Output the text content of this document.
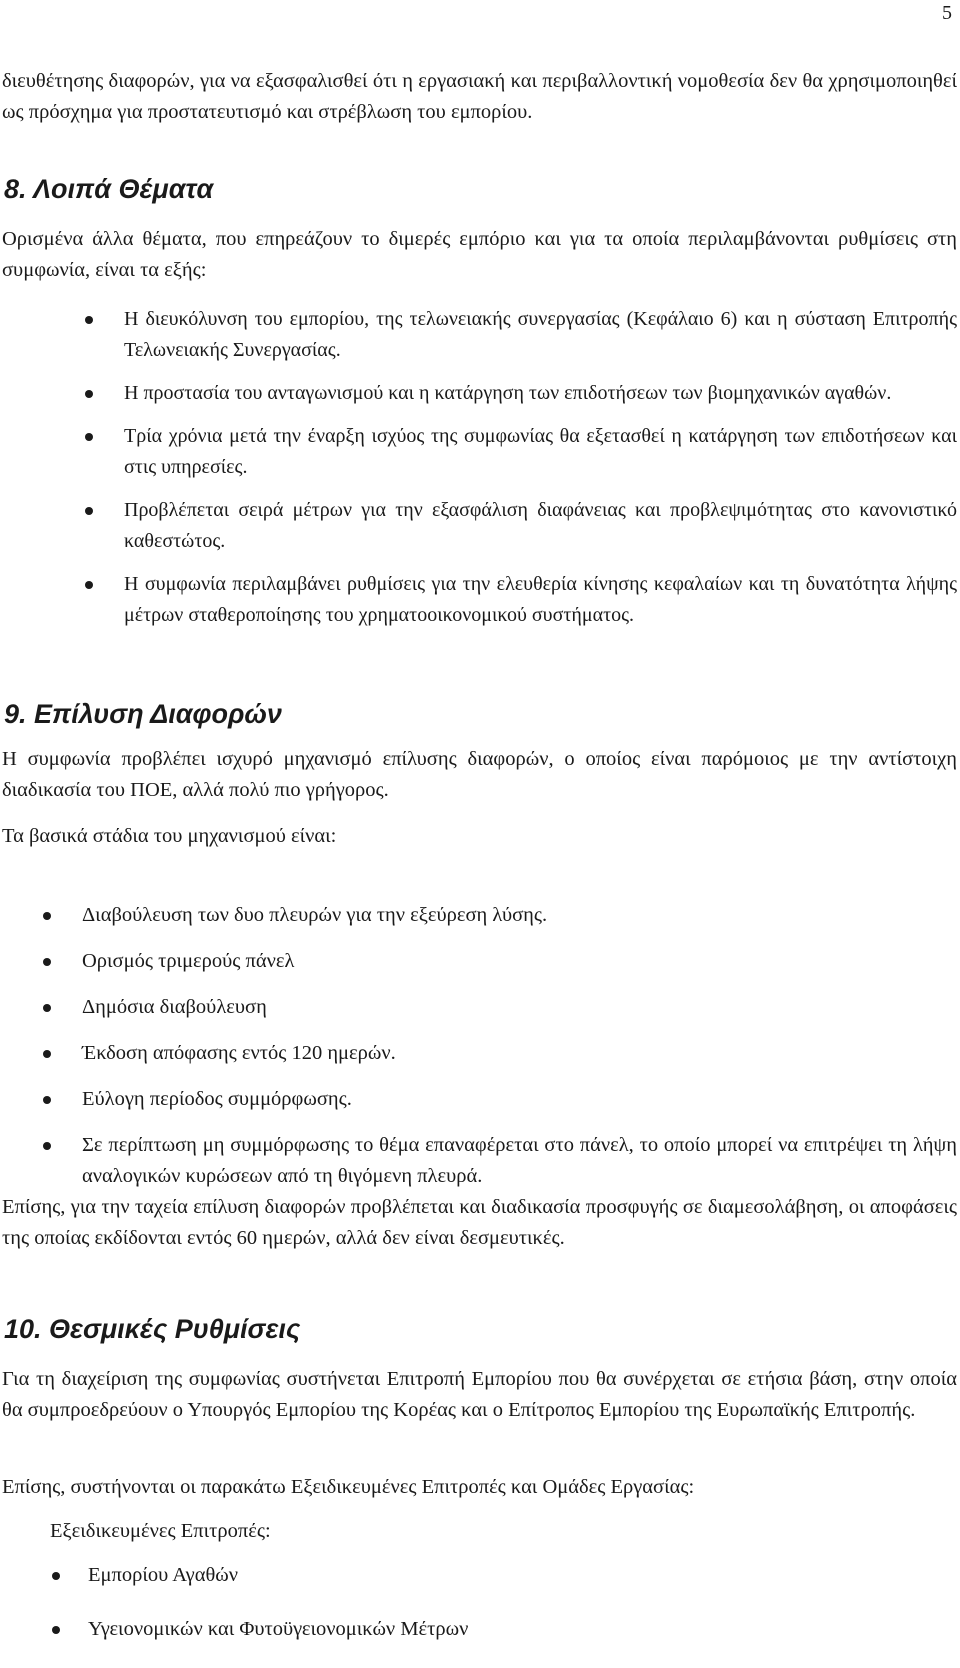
5
διευθέτησης διαφορών, για να εξασφαλισθεί ότι η εργασιακή και περιβαλλοντική νομοθεσία δεν θα χρησιμοποιηθεί ως πρόσχημα για προστατευτισμό και στρέβλωση του εμπορίου.
8. Λοιπά Θέματα
Ορισμένα άλλα θέματα, που επηρεάζουν το διμερές εμπόριο και για τα οποία περιλαμβάνονται ρυθμίσεις στη συμφωνία, είναι τα εξής:
Η διευκόλυνση του εμπορίου, της τελωνειακής συνεργασίας (Κεφάλαιο 6) και η σύσταση Επιτροπής Τελωνειακής Συνεργασίας.
Η προστασία του ανταγωνισμού και η κατάργηση των επιδοτήσεων των βιομηχανικών αγαθών.
Τρία χρόνια μετά την έναρξη ισχύος της συμφωνίας θα εξετασθεί η κατάργηση των επιδοτήσεων και στις υπηρεσίες.
Προβλέπεται σειρά μέτρων για την εξασφάλιση διαφάνειας και προβλεψιμότητας στο κανονιστικό καθεστώτος.
Η συμφωνία περιλαμβάνει ρυθμίσεις για την ελευθερία κίνησης κεφαλαίων και τη δυνατότητα λήψης μέτρων σταθεροποίησης του χρηματοοικονομικού συστήματος.
9. Επίλυση Διαφορών
Η συμφωνία προβλέπει ισχυρό μηχανισμό επίλυσης διαφορών, ο οποίος είναι παρόμοιος με την αντίστοιχη διαδικασία του ΠΟΕ, αλλά πολύ πιο γρήγορος.
Τα βασικά στάδια του μηχανισμού είναι:
Διαβούλευση των δυο πλευρών για την εξεύρεση λύσης.
Ορισμός τριμερούς πάνελ
Δημόσια διαβούλευση
Έκδοση απόφασης εντός 120 ημερών.
Εύλογη περίοδος συμμόρφωσης.
Σε περίπτωση μη συμμόρφωσης το θέμα επαναφέρεται στο πάνελ, το οποίο μπορεί να επιτρέψει τη λήψη αναλογικών κυρώσεων από τη θιγόμενη πλευρά.
Επίσης, για την ταχεία επίλυση διαφορών προβλέπεται και διαδικασία προσφυγής σε διαμεσολάβηση, οι αποφάσεις της οποίας εκδίδονται εντός 60 ημερών, αλλά δεν είναι δεσμευτικές.
10. Θεσμικές Ρυθμίσεις
Για τη διαχείριση της συμφωνίας συστήνεται Επιτροπή Εμπορίου που θα συνέρχεται σε ετήσια βάση, στην οποία θα συμπροεδρεύουν ο Υπουργός Εμπορίου της Κορέας και ο Επίτροπος Εμπορίου της Ευρωπαϊκής Επιτροπής.
Επίσης, συστήνονται οι παρακάτω Εξειδικευμένες Επιτροπές και Ομάδες Εργασίας:
Εξειδικευμένες Επιτροπές:
Εμπορίου Αγαθών
Υγειονομικών και Φυτοϋγειονομικών Μέτρων
